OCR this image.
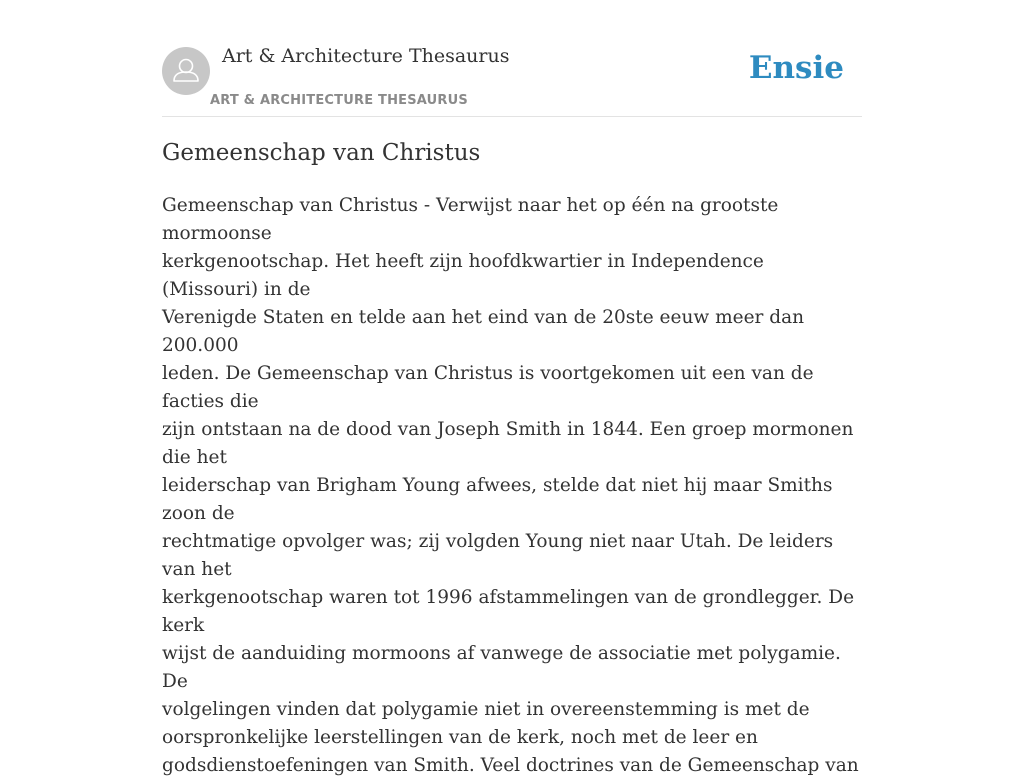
Art & Architecture Thesaurus
ART & ARCHITECTURE THESAURUS
Ensie
Gemeenschap van Christus

Gemeenschap van Christus - Verwijst naar het op één na grootste mormoonse
kerkgenootschap. Het heeft zijn hoofdkwartier in Independence (Missouri) in de
Verenigde Staten en telde aan het eind van de 20ste eeuw meer dan 200.000
leden. De Gemeenschap van Christus is voortgekomen uit een van de facties die
zijn ontstaan na de dood van Joseph Smith in 1844. Een groep mormonen die het
leiderschap van Brigham Young afwees, stelde dat niet hij maar Smiths zoon de
rechtmatige opvolger was; zij volgden Young niet naar Utah. De leiders van het
kerkgenootschap waren tot 1996 afstammelingen van de grondlegger. De kerk
wijst de aanduiding mormoons af vanwege de associatie met polygamie. De
volgelingen vinden dat polygamie niet in overeenstemming is met de
oorspronkelijke leerstellingen van de kerk, noch met de leer en
godsdienstoefeningen van Smith. Veel doctrines van de Gemeenschap van
